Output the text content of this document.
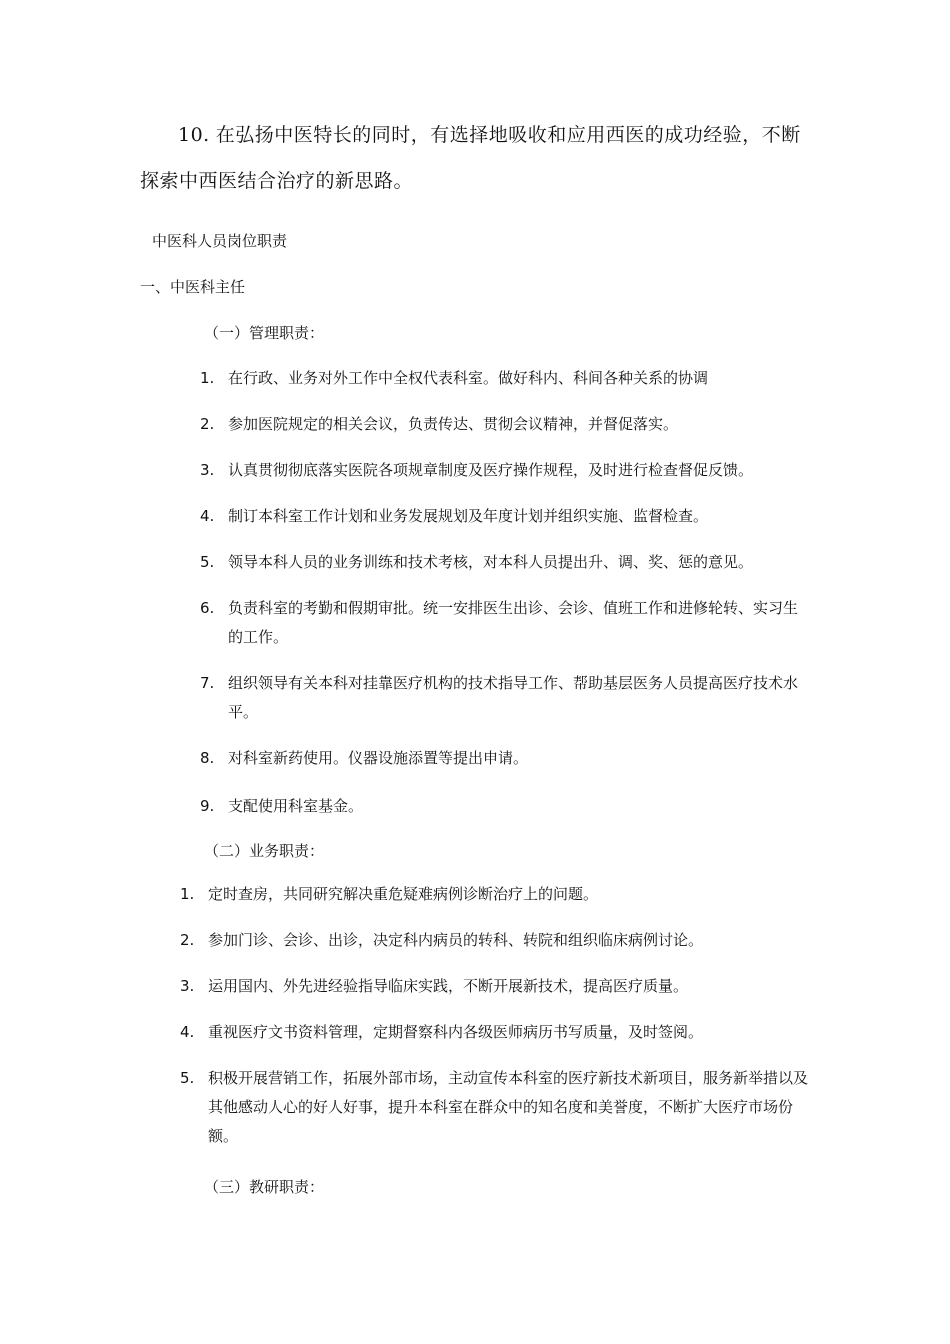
10. 在弘扬中医特长的同时，有选择地吸收和应用西医的成功经验，不断探索中西医结合治疗的新思路。

中医科人员岗位职责
一、中医科主任
（一）管理职责：
1. 在行政、业务对外工作中全权代表科室。做好科内、科间各种关系的协调
2. 参加医院规定的相关会议，负责传达、贯彻会议精神，并督促落实。
3. 认真贯彻彻底落实医院各项规章制度及医疗操作规程，及时进行检查督促反馈。
4. 制订本科室工作计划和业务发展规划及年度计划并组织实施、监督检查。
5. 领导本科人员的业务训练和技术考核，对本科人员提出升、调、奖、惩的意见。
6. 负责科室的考勤和假期审批。统一安排医生出诊、会诊、值班工作和进修轮转、实习生的工作。
7. 组织领导有关本科对挂靠医疗机构的技术指导工作、帮助基层医务人员提高医疗技术水平。
8. 对科室新药使用。仪器设施添置等提出申请。
9. 支配使用科室基金。
（二）业务职责：
1. 定时查房，共同研究解决重危疑难病例诊断治疗上的问题。
2. 参加门诊、会诊、出诊，决定科内病员的转科、转院和组织临床病例讨论。
3. 运用国内、外先进经验指导临床实践，不断开展新技术，提高医疗质量。
4. 重视医疗文书资料管理，定期督察科内各级医师病历书写质量，及时签阅。
5. 积极开展营销工作，拓展外部市场，主动宣传本科室的医疗新技术新项目，服务新举措以及其他感动人心的好人好事，提升本科室在群众中的知名度和美誉度，不断扩大医疗市场份额。
（三）教研职责：
